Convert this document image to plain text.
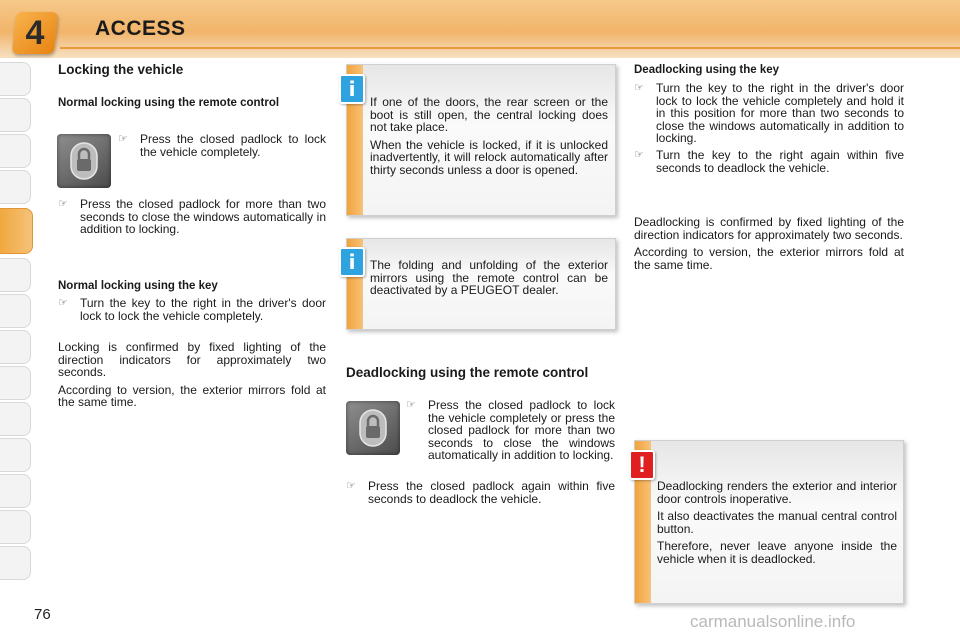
4	ACCESS
76
Locking the vehicle
Normal locking using the remote control
☞ Press the closed padlock to lock the vehicle completely.
☞ Press the closed padlock for more than two seconds to close the windows automatically in addition to locking.
Normal locking using the key
☞ Turn the key to the right in the driver's door lock to lock the vehicle completely.

Locking is confirmed by fixed lighting of the direction indicators for approximately two seconds.

According to version, the exterior mirrors fold at the same time.

i

If one of the doors, the rear screen or the boot is still open, the central locking does not take place.

When the vehicle is locked, if it is unlocked inadvertently, it will relock automatically after thirty seconds unless a door is opened.

i	The folding and unfolding of the exterior mirrors using the remote control can be deactivated by a PEUGEOT dealer.

Deadlocking using the remote control
☞ Press the closed padlock to lock the vehicle completely or press the closed padlock for more than two seconds to close the windows automatically in addition to locking.
☞ Press the closed padlock again within five seconds to deadlock the vehicle.
Deadlocking using the key
☞ Turn the key to the right in the driver's door lock to lock the vehicle completely and hold it in this position for more than two seconds to close the windows automatically in addition to locking.
☞ Turn the key to the right again within five seconds to deadlock the vehicle.

Deadlocking is confirmed by fixed lighting of the direction indicators for approximately two seconds.

According to version, the exterior mirrors fold at the same time.

!

Deadlocking renders the exterior and interior door controls inoperative.

It also deactivates the manual central control button.

Therefore, never leave anyone inside the vehicle when it is deadlocked.

carmanualsonline.info
